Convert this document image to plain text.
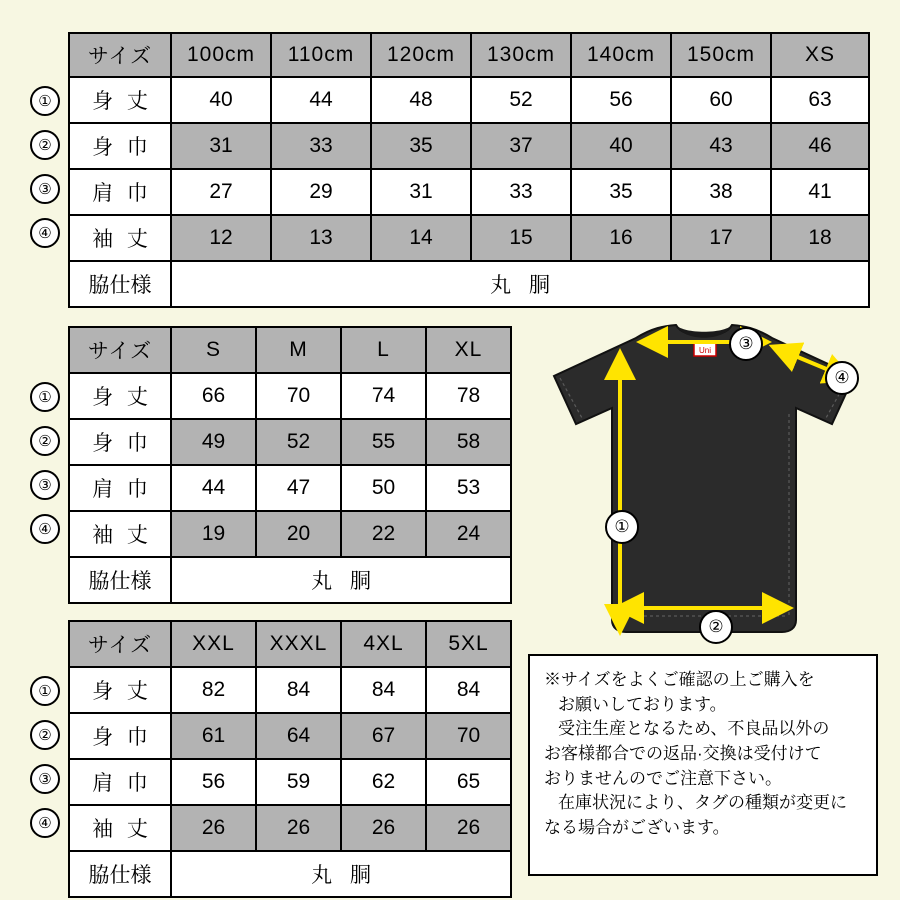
サイズ	100cm	110cm	120cm	130cm	140cm	150cm	XS
身 丈	40	44	48	52	56	60	63
身 巾	31	33	35	37	40	43	46
肩 巾	27	29	31	33	35	38	41
袖 丈	12	13	14	15	16	17	18
脇仕様	丸 胴						
①
②
③
④
サイズ	S	M	L	XL
身 丈	66	70	74	78
身 巾	49	52	55	58
肩 巾	44	47	50	53
袖 丈	19	20	22	24
脇仕様	丸 胴			
①
②
③
④
サイズ	XXL	XXXL	4XL	5XL
身 丈	82	84	84	84
身 巾	61	64	67	70
肩 巾	56	59	62	65
袖 丈	26	26	26	26
脇仕様	丸 胴			
①
②
③
④
Uni	③
④
①
②

※サイズをよくご確認の上ご購入を

お願いしております。

受注生産となるため、不良品以外の

お客様都合での返品·交換は受付けて

おりませんのでご注意下さい。

在庫状況により、タグの種類が変更に

なる場合がございます。
